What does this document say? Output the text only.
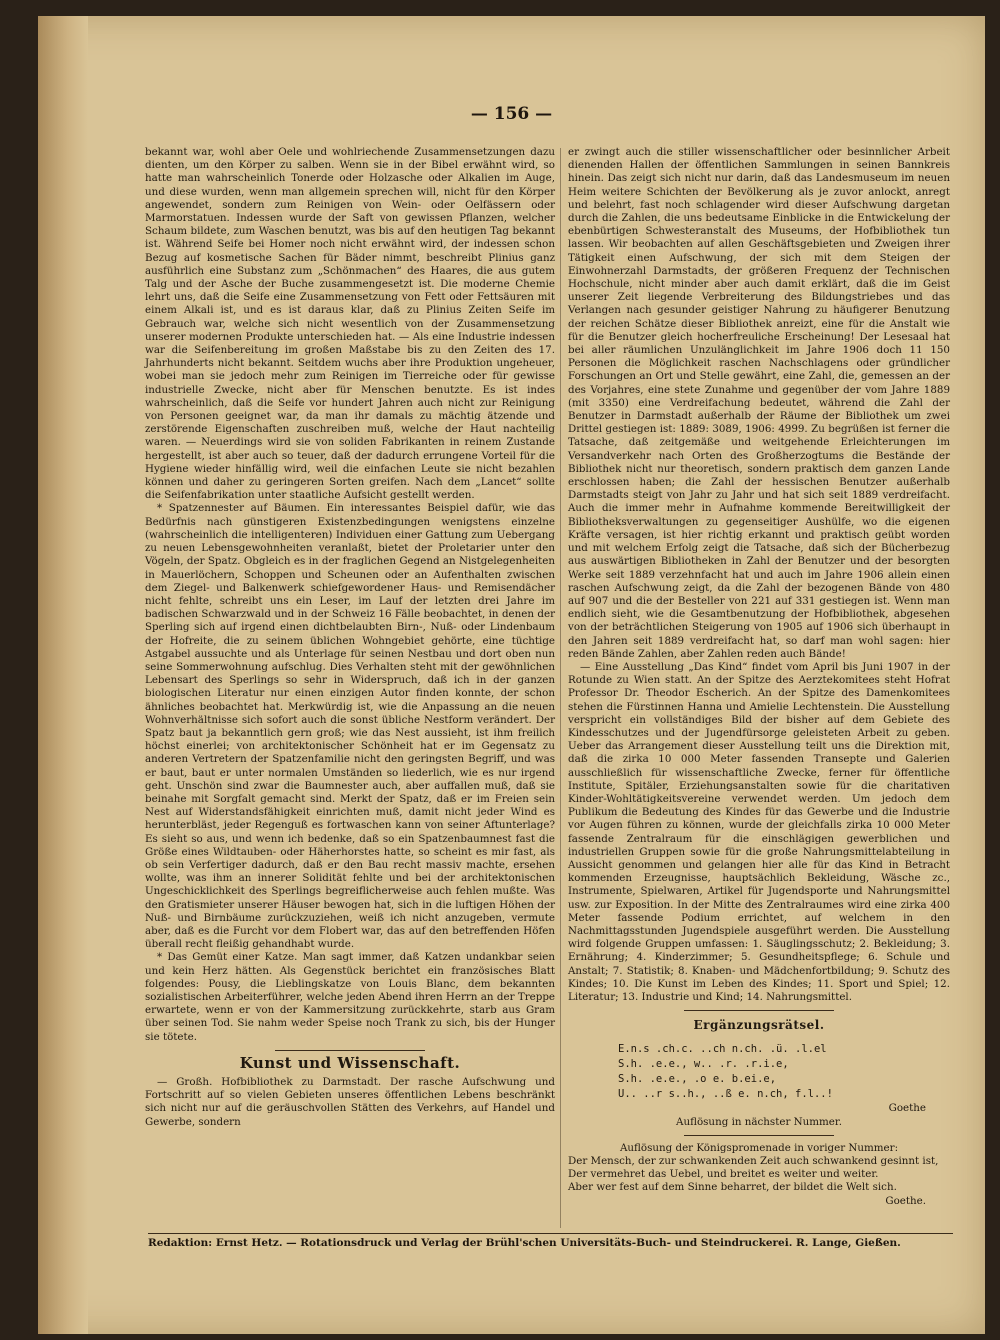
— 156 —

bekannt war, wohl aber Oele und wohlriechende Zusammensetzungen dazu dienten, um den Körper zu salben. Wenn sie in der Bibel erwähnt wird, so hatte man wahrscheinlich Tonerde oder Holzasche oder Alkalien im Auge, und diese wurden, wenn man allgemein sprechen will, nicht für den Körper angewendet, sondern zum Reinigen von Wein- oder Oelfässern oder Marmorstatuen. Indessen wurde der Saft von gewissen Pflanzen, welcher Schaum bildete, zum Waschen benutzt, was bis auf den heutigen Tag bekannt ist. Während Seife bei Homer noch nicht erwähnt wird, der indessen schon Bezug auf kosmetische Sachen für Bäder nimmt, beschreibt Plinius ganz ausführlich eine Substanz zum „Schönmachen“ des Haares, die aus gutem Talg und der Asche der Buche zusammengesetzt ist. Die moderne Chemie lehrt uns, daß die Seife eine Zusammensetzung von Fett oder Fettsäuren mit einem Alkali ist, und es ist daraus klar, daß zu Plinius Zeiten Seife im Gebrauch war, welche sich nicht wesentlich von der Zusammensetzung unserer modernen Produkte unterschieden hat. — Als eine Industrie indessen war die Seifenbereitung im großen Maßstabe bis zu den Zeiten des 17. Jahrhunderts nicht bekannt. Seitdem wuchs aber ihre Produktion ungeheuer, wobei man sie jedoch mehr zum Reinigen im Tierreiche oder für gewisse industrielle Zwecke, nicht aber für Menschen benutzte. Es ist indes wahrscheinlich, daß die Seife vor hundert Jahren auch nicht zur Reinigung von Personen geeignet war, da man ihr damals zu mächtig ätzende und zerstörende Eigenschaften zuschreiben muß, welche der Haut nachteilig waren. — Neuerdings wird sie von soliden Fabrikanten in reinem Zustande hergestellt, ist aber auch so teuer, daß der dadurch errungene Vorteil für die Hygiene wieder hinfällig wird, weil die einfachen Leute sie nicht bezahlen können und daher zu geringeren Sorten greifen. Nach dem „Lancet“ sollte die Seifenfabrikation unter staatliche Aufsicht gestellt werden.

* Spatzennester auf Bäumen. Ein interessantes Beispiel dafür, wie das Bedürfnis nach günstigeren Existenzbedingungen wenigstens einzelne (wahrscheinlich die intelligenteren) Individuen einer Gattung zum Uebergang zu neuen Lebensgewohnheiten veranlaßt, bietet der Proletarier unter den Vögeln, der Spatz. Obgleich es in der fraglichen Gegend an Nistgelegenheiten in Mauerlöchern, Schoppen und Scheunen oder an Aufenthalten zwischen dem Ziegel- und Balkenwerk schiefgewordener Haus- und Remisendächer nicht fehlte, schreibt uns ein Leser, im Lauf der letzten drei Jahre im badischen Schwarzwald und in der Schweiz 16 Fälle beobachtet, in denen der Sperling sich auf irgend einen dichtbelaubten Birn-, Nuß- oder Lindenbaum der Hofreite, die zu seinem üblichen Wohngebiet gehörte, eine tüchtige Astgabel aussuchte und als Unterlage für seinen Nestbau und dort oben nun seine Sommerwohnung aufschlug. Dies Verhalten steht mit der gewöhnlichen Lebensart des Sperlings so sehr in Widerspruch, daß ich in der ganzen biologischen Literatur nur einen einzigen Autor finden konnte, der schon ähnliches beobachtet hat. Merkwürdig ist, wie die Anpassung an die neuen Wohnverhältnisse sich sofort auch die sonst übliche Nestform verändert. Der Spatz baut ja bekanntlich gern groß; wie das Nest aussieht, ist ihm freilich höchst einerlei; von architektonischer Schönheit hat er im Gegensatz zu anderen Vertretern der Spatzenfamilie nicht den geringsten Begriff, und was er baut, baut er unter normalen Umständen so liederlich, wie es nur irgend geht. Unschön sind zwar die Baumnester auch, aber auffallen muß, daß sie beinahe mit Sorgfalt gemacht sind. Merkt der Spatz, daß er im Freien sein Nest auf Widerstandsfähigkeit einrichten muß, damit nicht jeder Wind es herunterbläst, jeder Regenguß es fortwaschen kann von seiner Aftunterlage? Es sieht so aus, und wenn ich bedenke, daß so ein Spatzenbaumnest fast die Größe eines Wildtauben- oder Häherhorstes hatte, so scheint es mir fast, als ob sein Verfertiger dadurch, daß er den Bau recht massiv machte, ersehen wollte, was ihm an innerer Solidität fehlte und bei der architektonischen Ungeschicklichkeit des Sperlings begreiflicherweise auch fehlen mußte. Was den Gratismieter unserer Häuser bewogen hat, sich in die luftigen Höhen der Nuß- und Birnbäume zurückzuziehen, weiß ich nicht anzugeben, vermute aber, daß es die Furcht vor dem Flobert war, das auf den betreffenden Höfen überall recht fleißig gehandhabt wurde.

* Das Gemüt einer Katze. Man sagt immer, daß Katzen undankbar seien und kein Herz hätten. Als Gegenstück berichtet ein französisches Blatt folgendes: Pousy, die Lieblingskatze von Louis Blanc, dem bekannten sozialistischen Arbeiterführer, welche jeden Abend ihren Herrn an der Treppe erwartete, wenn er von der Kammersitzung zurückkehrte, starb aus Gram über seinen Tod. Sie nahm weder Speise noch Trank zu sich, bis der Hunger sie tötete.

Kunst und Wissenschaft.

— Großh. Hofbibliothek zu Darmstadt. Der rasche Aufschwung und Fortschritt auf so vielen Gebieten unseres öffentlichen Lebens beschränkt sich nicht nur auf die geräuschvollen Stätten des Verkehrs, auf Handel und Gewerbe, sondern

er zwingt auch die stiller wissenschaftlicher oder besinnlicher Arbeit dienenden Hallen der öffentlichen Sammlungen in seinen Bannkreis hinein. Das zeigt sich nicht nur darin, daß das Landesmuseum im neuen Heim weitere Schichten der Bevölkerung als je zuvor anlockt, anregt und belehrt, fast noch schlagender wird dieser Aufschwung dargetan durch die Zahlen, die uns bedeutsame Einblicke in die Entwickelung der ebenbürtigen Schwesteranstalt des Museums, der Hofbibliothek tun lassen. Wir beobachten auf allen Geschäftsgebieten und Zweigen ihrer Tätigkeit einen Aufschwung, der sich mit dem Steigen der Einwohnerzahl Darmstadts, der größeren Frequenz der Technischen Hochschule, nicht minder aber auch damit erklärt, daß die im Geist unserer Zeit liegende Verbreiterung des Bildungstriebes und das Verlangen nach gesunder geistiger Nahrung zu häufigerer Benutzung der reichen Schätze dieser Bibliothek anreizt, eine für die Anstalt wie für die Benutzer gleich hocherfreuliche Erscheinung! Der Lesesaal hat bei aller räumlichen Unzulänglichkeit im Jahre 1906 doch 11 150 Personen die Möglichkeit raschen Nachschlagens oder gründlicher Forschungen an Ort und Stelle gewährt, eine Zahl, die, gemessen an der des Vorjahres, eine stete Zunahme und gegenüber der vom Jahre 1889 (mit 3350) eine Verdreifachung bedeutet, während die Zahl der Benutzer in Darmstadt außerhalb der Räume der Bibliothek um zwei Drittel gestiegen ist: 1889: 3089, 1906: 4999. Zu begrüßen ist ferner die Tatsache, daß zeitgemäße und weitgehende Erleichterungen im Versandverkehr nach Orten des Großherzogtums die Bestände der Bibliothek nicht nur theoretisch, sondern praktisch dem ganzen Lande erschlossen haben; die Zahl der hessischen Benutzer außerhalb Darmstadts steigt von Jahr zu Jahr und hat sich seit 1889 verdreifacht. Auch die immer mehr in Aufnahme kommende Bereitwilligkeit der Bibliotheksverwaltungen zu gegenseitiger Aushülfe, wo die eigenen Kräfte versagen, ist hier richtig erkannt und praktisch geübt worden und mit welchem Erfolg zeigt die Tatsache, daß sich der Bücherbezug aus auswärtigen Bibliotheken in Zahl der Benutzer und der besorgten Werke seit 1889 verzehnfacht hat und auch im Jahre 1906 allein einen raschen Aufschwung zeigt, da die Zahl der bezogenen Bände von 480 auf 907 und die der Besteller von 221 auf 331 gestiegen ist. Wenn man endlich sieht, wie die Gesamtbenutzung der Hofbibliothek, abgesehen von der beträchtlichen Steigerung von 1905 auf 1906 sich überhaupt in den Jahren seit 1889 verdreifacht hat, so darf man wohl sagen: hier reden Bände Zahlen, aber Zahlen reden auch Bände!

— Eine Ausstellung „Das Kind“ findet vom April bis Juni 1907 in der Rotunde zu Wien statt. An der Spitze des Aerztekomitees steht Hofrat Professor Dr. Theodor Escherich. An der Spitze des Damenkomitees stehen die Fürstinnen Hanna und Amielie Lechtenstein. Die Ausstellung verspricht ein vollständiges Bild der bisher auf dem Gebiete des Kindesschutzes und der Jugendfürsorge geleisteten Arbeit zu geben. Ueber das Arrangement dieser Ausstellung teilt uns die Direktion mit, daß die zirka 10 000 Meter fassenden Transepte und Galerien ausschließlich für wissenschaftliche Zwecke, ferner für öffentliche Institute, Spitäler, Erziehungsanstalten sowie für die charitativen Kinder-Wohltätigkeitsvereine verwendet werden. Um jedoch dem Publikum die Bedeutung des Kindes für das Gewerbe und die Industrie vor Augen führen zu können, wurde der gleichfalls zirka 10 000 Meter fassende Zentralraum für die einschlägigen gewerblichen und industriellen Gruppen sowie für die große Nahrungsmittelabteilung in Aussicht genommen und gelangen hier alle für das Kind in Betracht kommenden Erzeugnisse, hauptsächlich Bekleidung, Wäsche zc., Instrumente, Spielwaren, Artikel für Jugendsporte und Nahrungsmittel usw. zur Exposition. In der Mitte des Zentralraumes wird eine zirka 400 Meter fassende Podium errichtet, auf welchem in den Nachmittagsstunden Jugendspiele ausgeführt werden. Die Ausstellung wird folgende Gruppen umfassen: 1. Säuglingsschutz; 2. Bekleidung; 3. Ernährung; 4. Kinderzimmer; 5. Gesundheitspflege; 6. Schule und Anstalt; 7. Statistik; 8. Knaben- und Mädchenfortbildung; 9. Schutz des Kindes; 10. Die Kunst im Leben des Kindes; 11. Sport und Spiel; 12. Literatur; 13. Industrie und Kind; 14. Nahrungsmittel.

Ergänzungsrätsel.
E.n.s .ch.c. ..ch n.ch. .ü. .l.el
S.h. .e.e., w.. .r. .r.i.e,
S.h. .e.e., .o e. b.ei.e,
U.. ..r s..h., ..ß e. n.ch, f.l..!
Goethe
Auflösung in nächster Nummer.
Auflösung der Königspromenade in voriger Nummer:
Der Mensch, der zur schwankenden Zeit auch schwankend gesinnt ist,
Der vermehret das Uebel, und breitet es weiter und weiter.
Aber wer fest auf dem Sinne beharret, der bildet die Welt sich.
Goethe.
Redaktion: Ernst Hetz. — Rotationsdruck und Verlag der Brühl'schen Universitäts-Buch- und Steindruckerei. R. Lange, Gießen.
